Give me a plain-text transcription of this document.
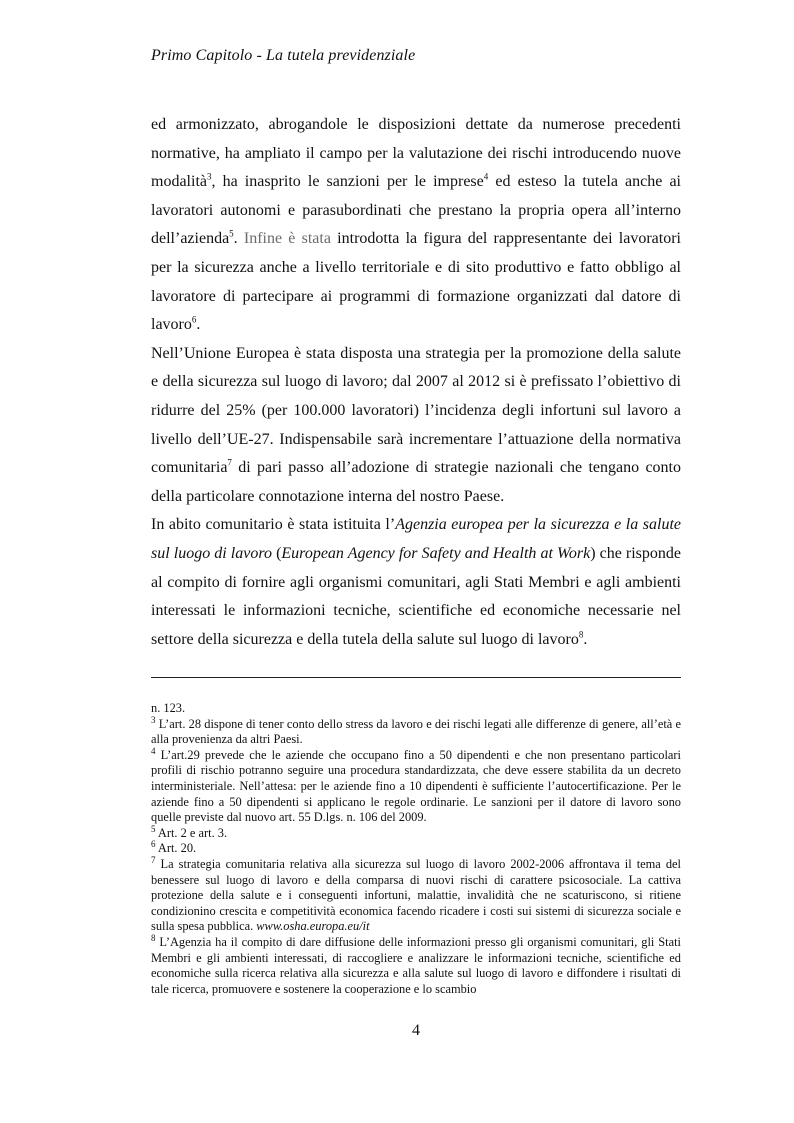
Primo Capitolo - La tutela previdenziale

ed armonizzato, abrogandole le disposizioni dettate da numerose precedenti normative, ha ampliato il campo per la valutazione dei rischi introducendo nuove modalità$^3$, ha inasprito le sanzioni per le imprese$^4$ ed esteso la tutela anche ai lavoratori autonomi e parasubordinati che prestano la propria opera all’interno dell’azienda$^5$. Infine è stata introdotta la figura del rappresentante dei lavoratori per la sicurezza anche a livello territoriale e di sito produttivo e fatto obbligo al lavoratore di partecipare ai programmi di formazione organizzati dal datore di lavoro$^6$.

Nell’Unione Europea è stata disposta una strategia per la promozione della salute e della sicurezza sul luogo di lavoro; dal 2007 al 2012 si è prefissato l’obiettivo di ridurre del 25% (per 100.000 lavoratori) l’incidenza degli infortuni sul lavoro a livello dell’UE-27. Indispensabile sarà incrementare l’attuazione della normativa comunitaria$^7$ di pari passo all’adozione di strategie nazionali che tengano conto della particolare connotazione interna del nostro Paese.

In abito comunitario è stata istituita l’Agenzia europea per la sicurezza e la salute sul luogo di lavoro (European Agency for Safety and Health at Work) che risponde al compito di fornire agli organismi comunitari, agli Stati Membri e agli ambienti interessati le informazioni tecniche, scientifiche ed economiche necessarie nel settore della sicurezza e della tutela della salute sul luogo di lavoro$^8$.

n. 123.

$^3$ L’art. 28 dispone di tener conto dello stress da lavoro e dei rischi legati alle differenze di genere, all’età e alla provenienza da altri Paesi.

$^4$ L’art.29 prevede che le aziende che occupano fino a 50 dipendenti e che non presentano particolari profili di rischio potranno seguire una procedura standardizzata, che deve essere stabilita da un decreto interministeriale. Nell’attesa: per le aziende fino a 10 dipendenti è sufficiente l’autocertificazione. Per le aziende fino a 50 dipendenti si applicano le regole ordinarie. Le sanzioni per il datore di lavoro sono quelle previste dal nuovo art. 55 D.lgs. n. 106 del 2009.

$^5$ Art. 2 e art. 3.

$^6$ Art. 20.

$^7$ La strategia comunitaria relativa alla sicurezza sul luogo di lavoro 2002-2006 affrontava il tema del benessere sul luogo di lavoro e della comparsa di nuovi rischi di carattere psicosociale. La cattiva protezione della salute e i conseguenti infortuni, malattie, invalidità che ne scaturiscono, si ritiene condizionino crescita e competitività economica facendo ricadere i costi sui sistemi di sicurezza sociale e sulla spesa pubblica. www.osha.europa.eu/it

$^8$ L’Agenzia ha il compito di dare diffusione delle informazioni presso gli organismi comunitari, gli Stati Membri e gli ambienti interessati, di raccogliere e analizzare le informazioni tecniche, scientifiche ed economiche sulla ricerca relativa alla sicurezza e alla salute sul luogo di lavoro e diffondere i risultati di tale ricerca, promuovere e sostenere la cooperazione e lo scambio

4
